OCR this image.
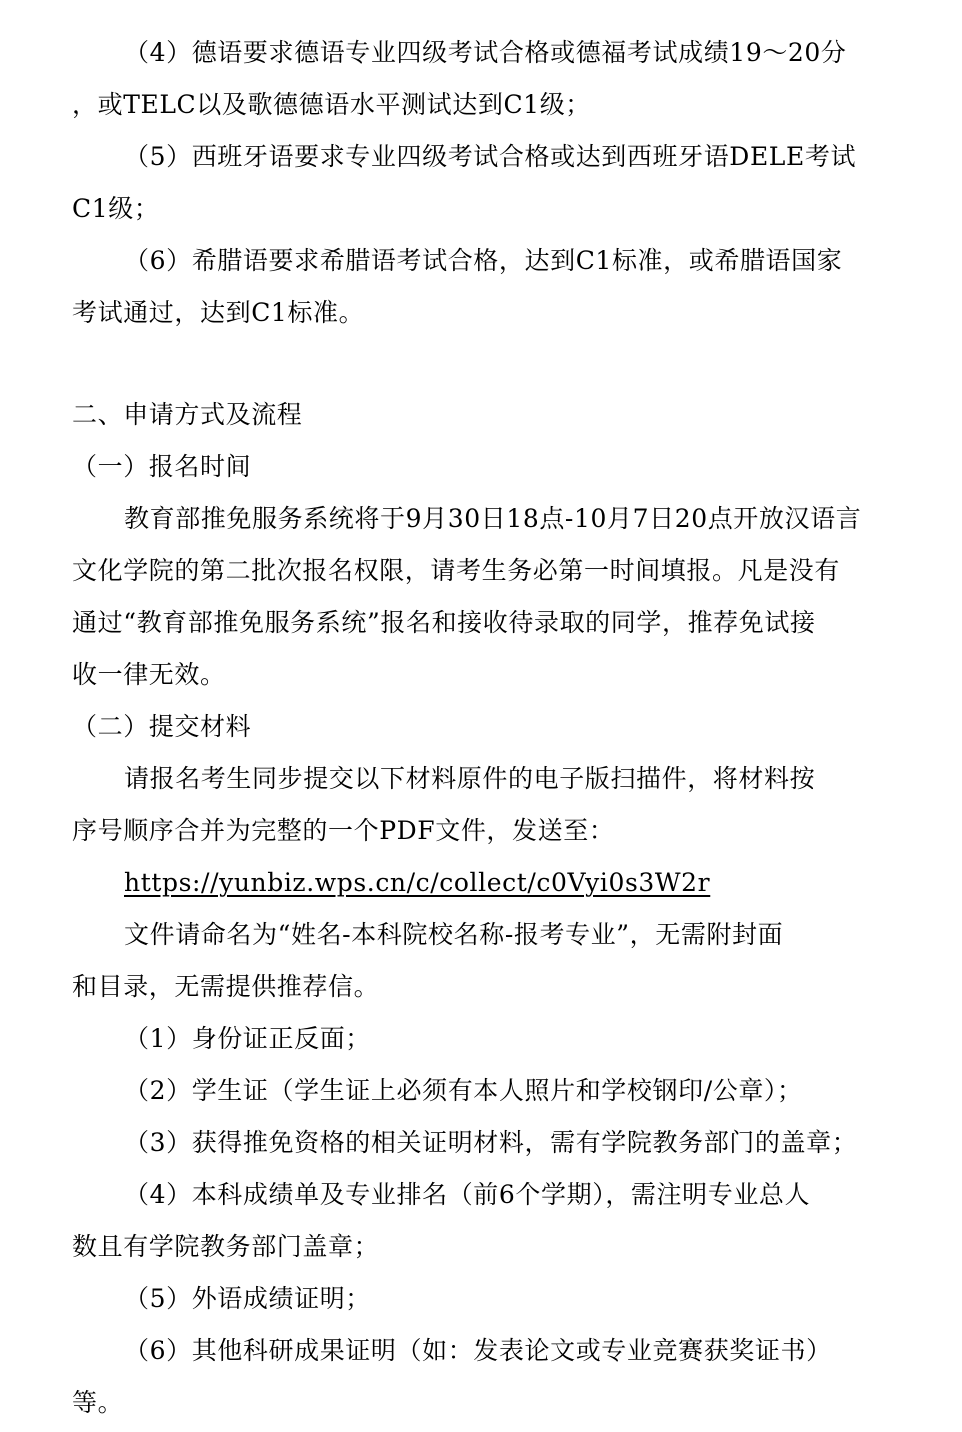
（4）德语要求德语专业四级考试合格或德福考试成绩19～20分
，或TELC以及歌德德语水平测试达到C1级；
（5）西班牙语要求专业四级考试合格或达到西班牙语DELE考试
C1级；
（6）希腊语要求希腊语考试合格，达到C1标准，或希腊语国家
考试通过，达到C1标准。
二、申请方式及流程
（一）报名时间
教育部推免服务系统将于9月30日18点-10月7日20点开放汉语言
文化学院的第二批次报名权限，请考生务必第一时间填报。凡是没有
通过“教育部推免服务系统”报名和接收待录取的同学，推荐免试接
收一律无效。
（二）提交材料
请报名考生同步提交以下材料原件的电子版扫描件，将材料按
序号顺序合并为完整的一个PDF文件，发送至：
https://yunbiz.wps.cn/c/collect/c0Vyi0s3W2r
文件请命名为“姓名-本科院校名称-报考专业”，无需附封面
和目录，无需提供推荐信。
（1）身份证正反面；
（2）学生证（学生证上必须有本人照片和学校钢印/公章）；
（3）获得推免资格的相关证明材料，需有学院教务部门的盖章；
（4）本科成绩单及专业排名（前6个学期），需注明专业总人
数且有学院教务部门盖章；
（5）外语成绩证明；
（6）其他科研成果证明（如：发表论文或专业竞赛获奖证书）
等。
